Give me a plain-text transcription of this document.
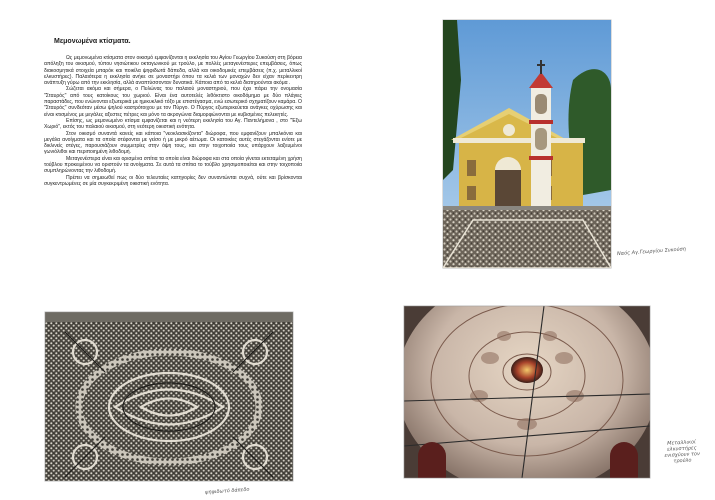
Μεμονωμένα κτίσματα.

Ως μεμονωμένα κτίσματα στον οικισμό εμφανίζονται η εκκλησία του Αγίου Γεωργίου Συκούση στη βόρεια απόληξη του οικισμού, τύπου νησιώτικου οκταγωνικού με τρούλο, με πολλές μεταγενέστερες επεμβάσεις, όπως διακοσμητικά στοιχεία μπαρόκ και ποικίλα ψηφιδωτά δάπεδα, αλλά και οικοδομικές επεμβάσεις (π.χ. μεταλλικοί ελκυστήρες). Παλαιότερα η εκκλησία ανήκε σε μοναστήρι όπου τα κελιά των μοναχών δεν είχαν περίκεντρη ανάπτυξη γύρω από την εκκλησία, αλλά αναπτύσσονταν δυνατικά. Κάποια από τα κελιά διατηρούνται ακόμα .

Σώζεται ακόμα και σήμερα, ο Πυλώνας του παλαιού μοναστηριού, που έχει πάρει την ονομασία "Σταυρός" από τους κατοίκους του χωριού. Είναι ένα αυτοτελές λιθόκτιστο οικοδόμημα με δύο πλάγιες παραστάδες, που ενώνονται εξωτερικά με ημικυκλικό τόξο με επιστέγασμα, ενώ εσωτερικό σχηματίζουν καμάρα. Ο "Σταυρός" συνδεόταν μέσω ψηλού καστρότοιχου με τον Πύργο. Ο Πύργος εξωτερικεύεται ανάγκες οχύρωσης και είναι κτισμένος με μεγάλες αξεστες πέτρες και μόνο τα ακρογώνια διαμορφώνονται με κυβισμένες πελεκητές.

Επίσης, ως μεμονωμένο κτίσμα εμφανίζεται και η νεότερη εκκλησία του Αγ. Παντελήμονα , στο "Έξω Χωριό", εκτός του παλαιού οικισμού, στη νεότερη οικιστική ενότητα.

Στον οικισμό συναντά κανείς και κάποια "νεοκλασικίζοντα" διώροφα, που εμφανίζουν μπαλκόνια και μεγάλα ανοίγματα και τα οποία στέφονται με γείσο ή με μικρό αέτωμα. Οι κατοικίες αυτές στεγάζονται ενίοτε με δικλινείς στέγες, παρουσιάζουν συμμετρίες στην όψη τους, και στην τοιχοποιία τους υπάρχουν λαξευμένοι γωνιόλιθοι και περιποιημένη λιθοδομή.

Μεταγενέστερα είναι και ορισμένα σπίτια τα οποία είναι διώροφα και στα οποία γίνεται εκτεταμένη χρήση τούβλου προκειμένου να οριστούν τα ανοίγματα. Σε αυτά τα σπίτια το τούβλο χρησιμοποιείται και στην τοιχοποιία συμπληρώνοντας την λιθοδομή.

Πρέπει να σημειωθεί πως οι δύο τελευταίες κατηγορίες δεν συναντώνται συχνά, ούτε και βρίσκονται συγκεντρωμένες σε μία συγκεκριμένη οικιστική ενότητα.

Ναός Αγ.Γεωργίου Συκούση
ψηφιδωτό δάπεδο
Μεταλλικοί ελκυστήρες ενισχύουν τον τρούλο
